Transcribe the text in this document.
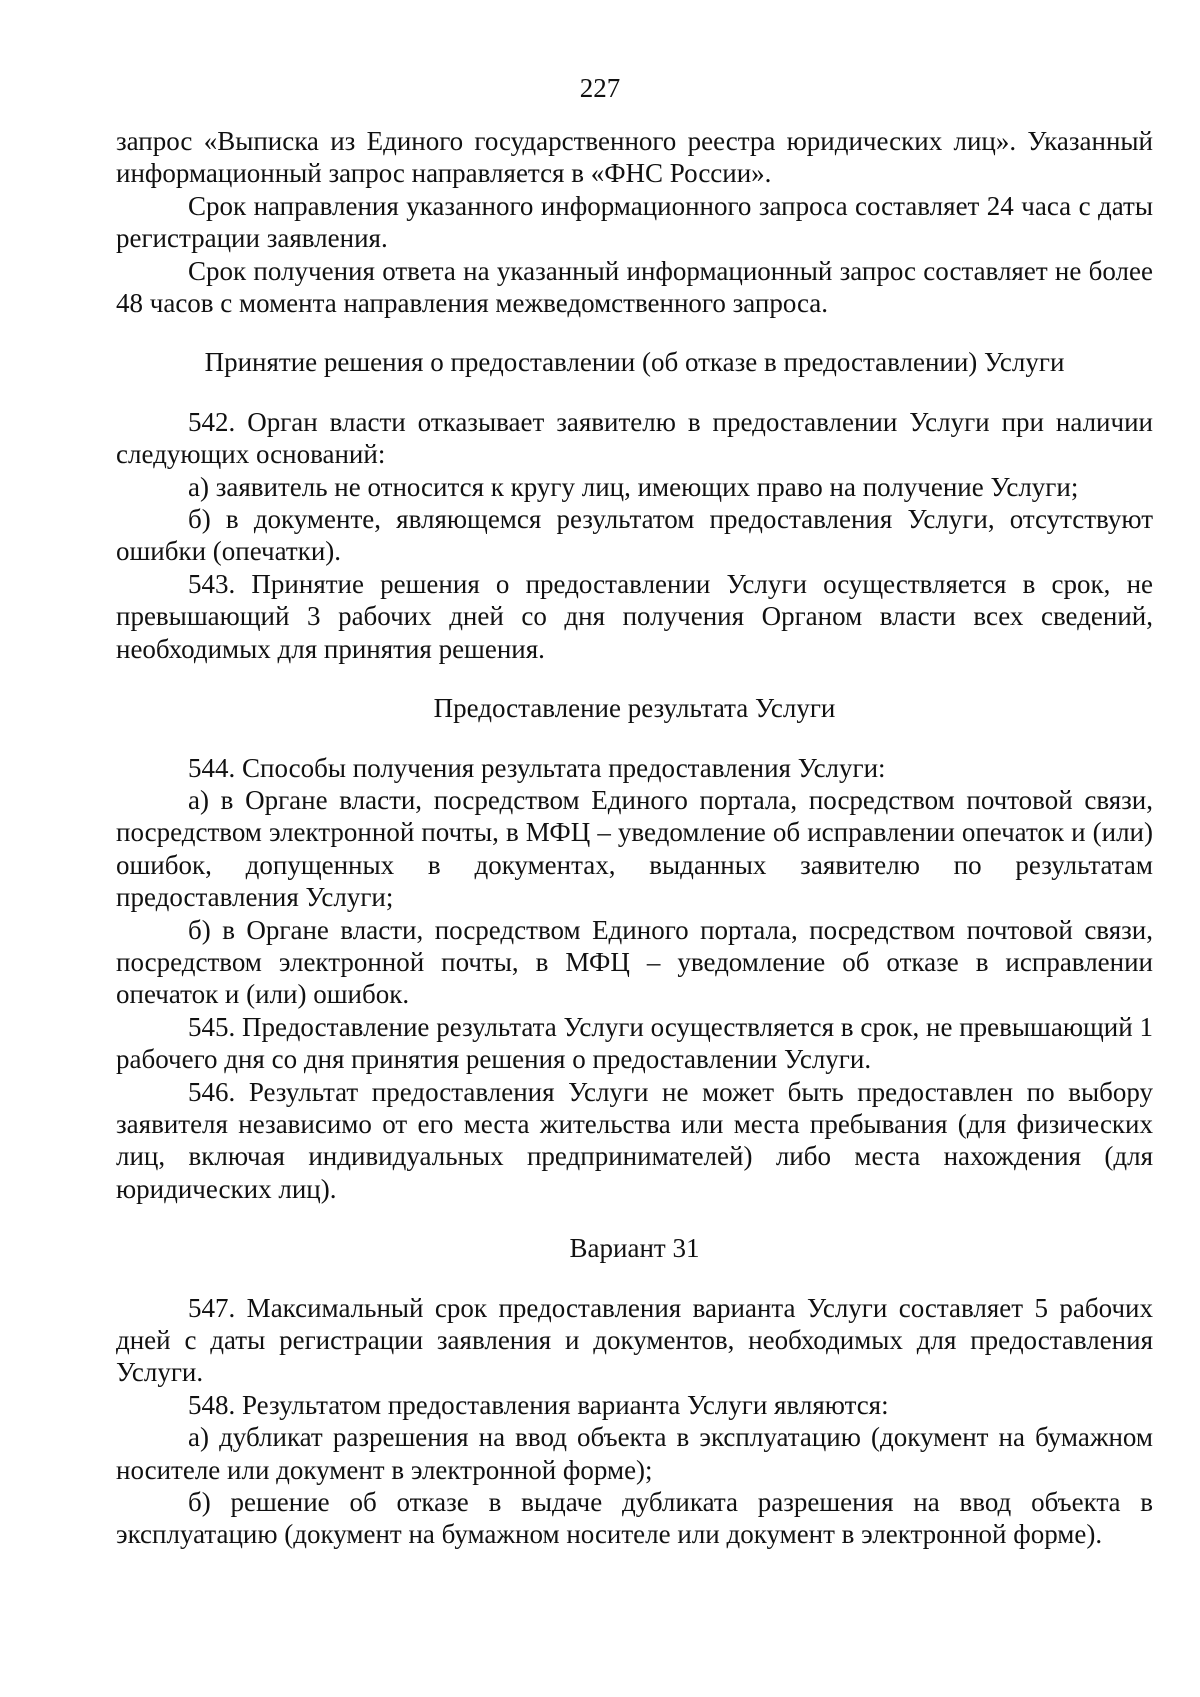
227

запрос «Выписка из Единого государственного реестра юридических лиц». Указанный информационный запрос направляется в «ФНС России».

Срок направления указанного информационного запроса составляет 24 часа с даты регистрации заявления.

Срок получения ответа на указанный информационный запрос составляет не более 48 часов с момента направления межведомственного запроса.

Принятие решения о предоставлении (об отказе в предоставлении) Услуги

542. Орган власти отказывает заявителю в предоставлении Услуги при наличии следующих оснований:

а) заявитель не относится к кругу лиц, имеющих право на получение Услуги;

б) в документе, являющемся результатом предоставления Услуги, отсутствуют ошибки (опечатки).

543. Принятие решения о предоставлении Услуги осуществляется в срок, не превышающий 3 рабочих дней со дня получения Органом власти всех сведений, необходимых для принятия решения.

Предоставление результата Услуги

544. Способы получения результата предоставления Услуги:

а) в Органе власти, посредством Единого портала, посредством почтовой связи, посредством электронной почты, в МФЦ – уведомление об исправлении опечаток и (или) ошибок, допущенных в документах, выданных заявителю по результатам предоставления Услуги;

б) в Органе власти, посредством Единого портала, посредством почтовой связи, посредством электронной почты, в МФЦ – уведомление об отказе в исправлении опечаток и (или) ошибок.

545. Предоставление результата Услуги осуществляется в срок, не превышающий 1 рабочего дня со дня принятия решения о предоставлении Услуги.

546. Результат предоставления Услуги не может быть предоставлен по выбору заявителя независимо от его места жительства или места пребывания (для физических лиц, включая индивидуальных предпринимателей) либо места нахождения (для юридических лиц).

Вариант 31

547. Максимальный срок предоставления варианта Услуги составляет 5 рабочих дней с даты регистрации заявления и документов, необходимых для предоставления Услуги.

548. Результатом предоставления варианта Услуги являются:

а) дубликат разрешения на ввод объекта в эксплуатацию (документ на бумажном носителе или документ в электронной форме);

б) решение об отказе в выдаче дубликата разрешения на ввод объекта в эксплуатацию (документ на бумажном носителе или документ в электронной форме).
